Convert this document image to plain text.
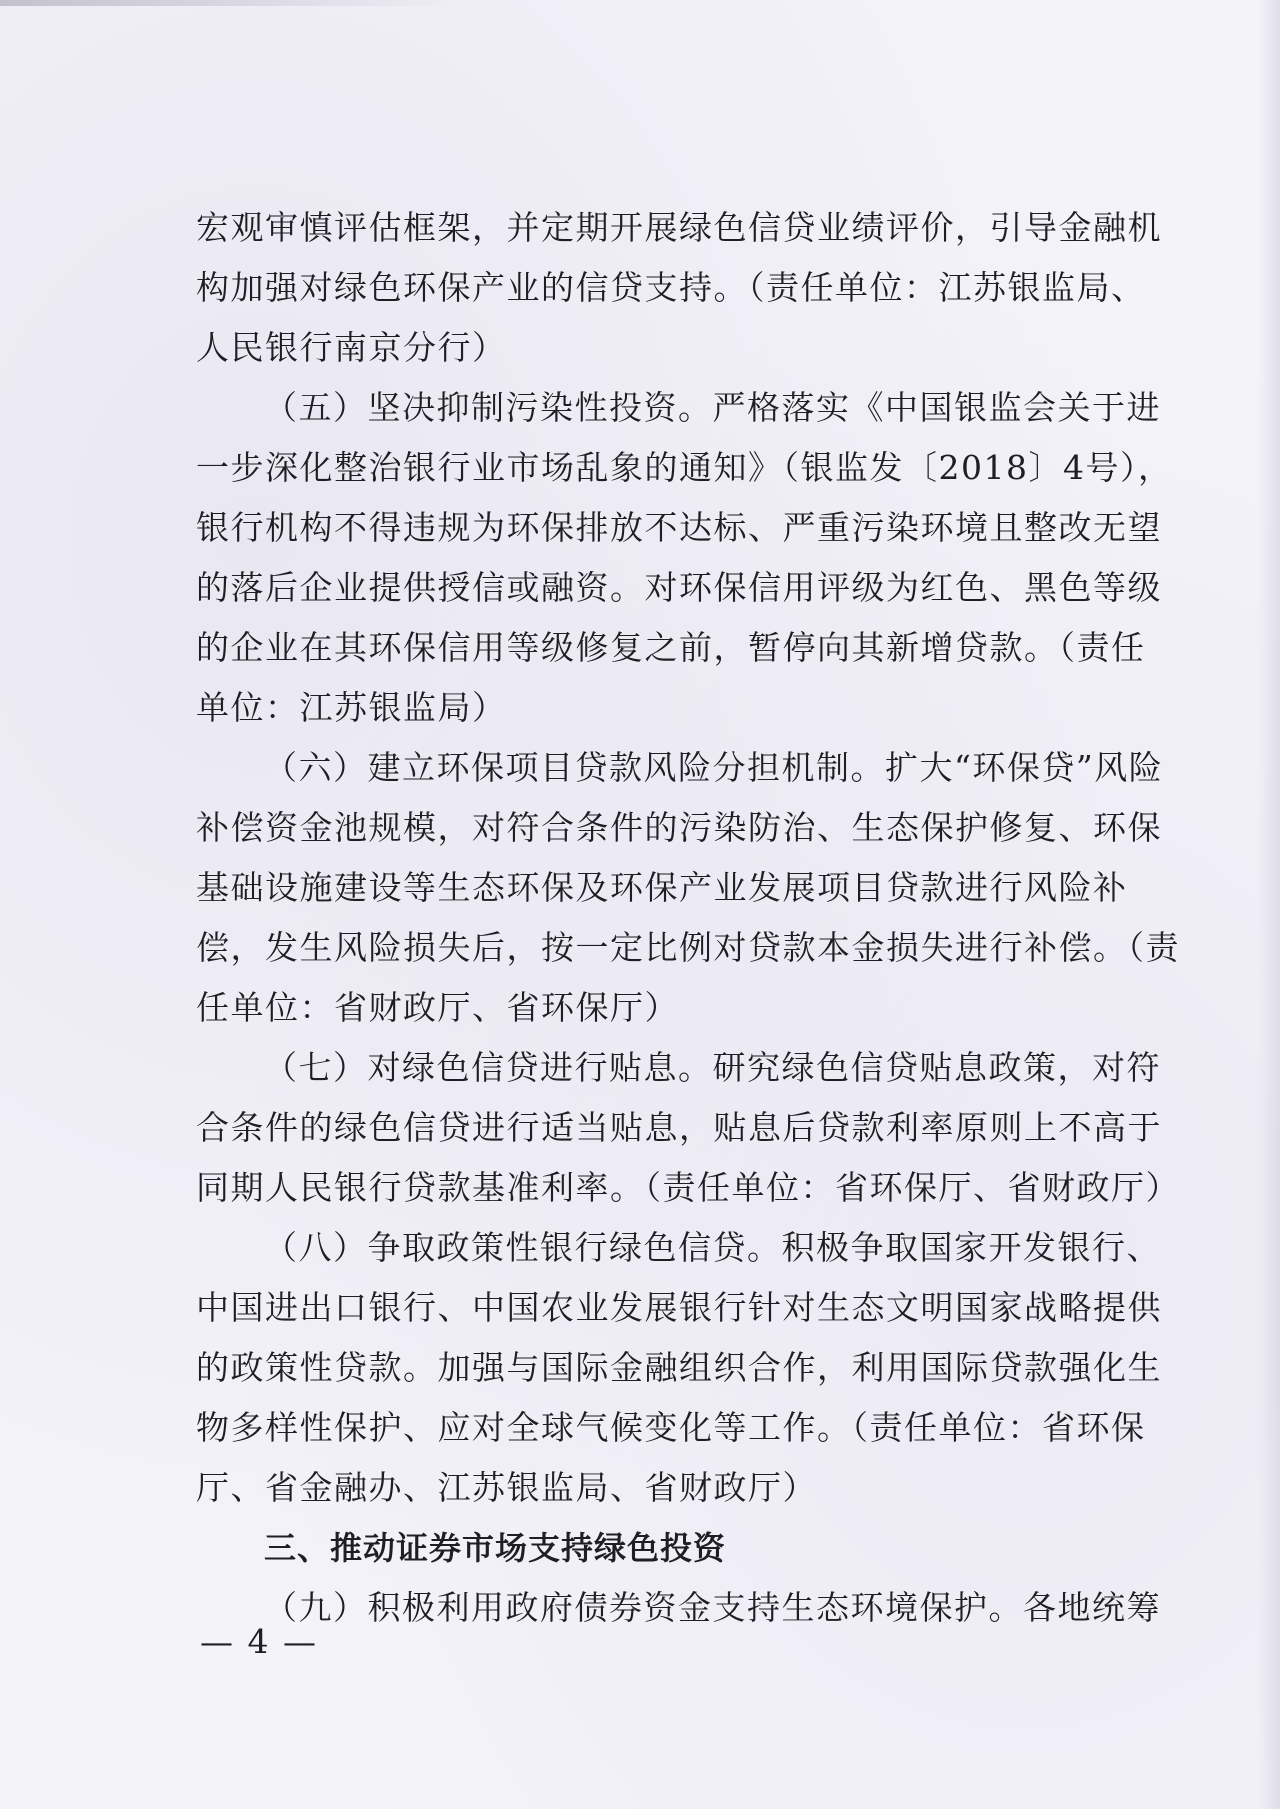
宏观审慎评估框架，并定期开展绿色信贷业绩评价，引导金融机
构加强对绿色环保产业的信贷支持。（责任单位：江苏银监局、
人民银行南京分行）
（五）坚决抑制污染性投资。严格落实《中国银监会关于进
一步深化整治银行业市场乱象的通知》（银监发〔2018〕4号），
银行机构不得违规为环保排放不达标、严重污染环境且整改无望
的落后企业提供授信或融资。对环保信用评级为红色、黑色等级
的企业在其环保信用等级修复之前，暂停向其新增贷款。（责任
单位：江苏银监局）
（六）建立环保项目贷款风险分担机制。扩大“环保贷”风险
补偿资金池规模，对符合条件的污染防治、生态保护修复、环保
基础设施建设等生态环保及环保产业发展项目贷款进行风险补
偿，发生风险损失后，按一定比例对贷款本金损失进行补偿。（责
任单位：省财政厅、省环保厅）
（七）对绿色信贷进行贴息。研究绿色信贷贴息政策，对符
合条件的绿色信贷进行适当贴息，贴息后贷款利率原则上不高于
同期人民银行贷款基准利率。（责任单位：省环保厅、省财政厅）
（八）争取政策性银行绿色信贷。积极争取国家开发银行、
中国进出口银行、中国农业发展银行针对生态文明国家战略提供
的政策性贷款。加强与国际金融组织合作，利用国际贷款强化生
物多样性保护、应对全球气候变化等工作。（责任单位：省环保
厅、省金融办、江苏银监局、省财政厅）
三、推动证券市场支持绿色投资
（九）积极利用政府债券资金支持生态环境保护。各地统筹
— 4 —
